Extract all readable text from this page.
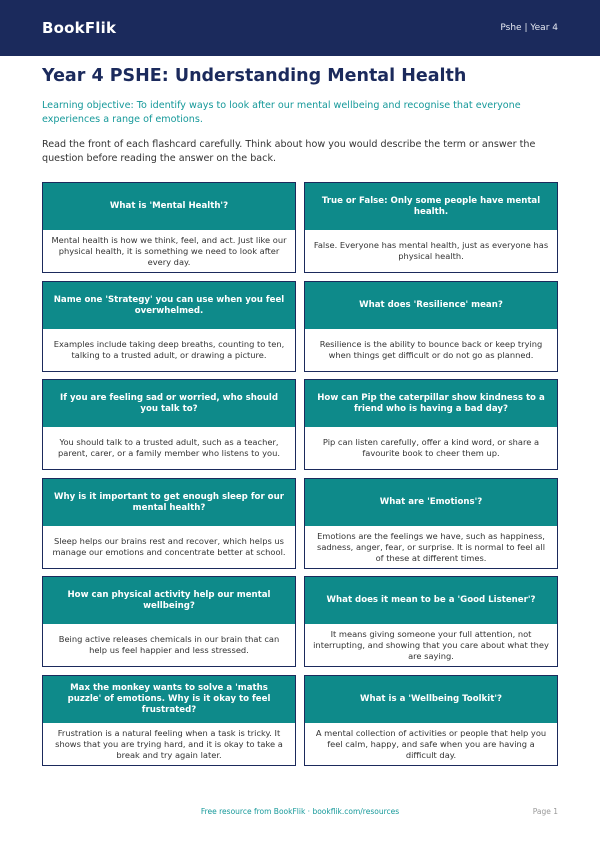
BookFlik	Pshe | Year 4
Year 4 PSHE: Understanding Mental Health

Learning objective: To identify ways to look after our mental wellbeing and recognise that everyone experiences a range of emotions.

Read the front of each flashcard carefully. Think about how you would describe the term or answer the question before reading the answer on the back.

What is 'Mental Health'?
Mental health is how we think, feel, and act. Just like our physical health, it is something we need to look after every day.
True or False: Only some people have mental health.
False. Everyone has mental health, just as everyone has physical health.
Name one 'Strategy' you can use when you feel overwhelmed.
Examples include taking deep breaths, counting to ten, talking to a trusted adult, or drawing a picture.
What does 'Resilience' mean?
Resilience is the ability to bounce back or keep trying when things get difficult or do not go as planned.
If you are feeling sad or worried, who should you talk to?
You should talk to a trusted adult, such as a teacher, parent, carer, or a family member who listens to you.
How can Pip the caterpillar show kindness to a friend who is having a bad day?
Pip can listen carefully, offer a kind word, or share a favourite book to cheer them up.
Why is it important to get enough sleep for our mental health?
Sleep helps our brains rest and recover, which helps us manage our emotions and concentrate better at school.
What are 'Emotions'?
Emotions are the feelings we have, such as happiness, sadness, anger, fear, or surprise. It is normal to feel all of these at different times.
How can physical activity help our mental wellbeing?
Being active releases chemicals in our brain that can help us feel happier and less stressed.
What does it mean to be a 'Good Listener'?
It means giving someone your full attention, not interrupting, and showing that you care about what they are saying.
Max the monkey wants to solve a 'maths puzzle' of emotions. Why is it okay to feel frustrated?
Frustration is a natural feeling when a task is tricky. It shows that you are trying hard, and it is okay to take a break and try again later.
What is a 'Wellbeing Toolkit'?
A mental collection of activities or people that help you feel calm, happy, and safe when you are having a difficult day.
Free resource from BookFlik · bookflik.com/resources	Page 1
